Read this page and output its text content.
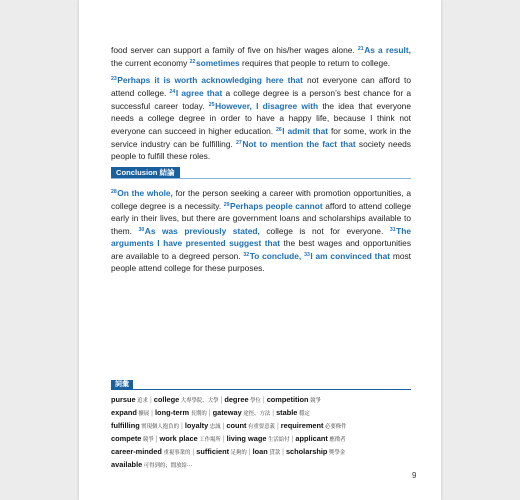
food server can support a family of five on his/her wages alone. $^{21}$As a result, the current economy $^{22}$sometimes requires that people to return to college.

$^{23}$Perhaps it is worth acknowledging here that not everyone can afford to attend college. $^{24}$I agree that a college degree is a person’s best chance for a successful career today. $^{25}$However, I disagree with the idea that everyone needs a college degree in order to have a happy life, because I think not everyone can succeed in higher education. $^{26}$I admit that for some, work in the service industry can be fulfilling. $^{27}$Not to mention the fact that society needs people to fulfill these roles.

Conclusion 結論

$^{28}$On the whole, for the person seeking a career with promotion opportunities, a college degree is a necessity. $^{29}$Perhaps people cannot afford to attend college early in their lives, but there are government loans and scholarships available to them. $^{30}$As was previously stated, college is not for everyone. $^{31}$The arguments I have presented suggest that the best wages and opportunities are available to a degreed person. $^{32}$To conclude, $^{33}$I am convinced that most people attend college for these purposes.

詞彙
pursue 追求 | college 大專學院、大學 | degree 學位 | competition 競爭
expand 擴展 | long-term 長期的 | gateway 途徑、方法 | stable 穩定
fulfilling 實現個人抱負的 | loyalty 忠誠 | count 有重要意義 | requirement 必要條件
compete 競爭 | work place 工作場所 | living wage 生活給付 | applicant 應徵者
career-minded 重視事業的 | sufficient 足夠的 | loan 貸款 | scholarship 獎學金
available 可得到的；閒放給⋯
9
